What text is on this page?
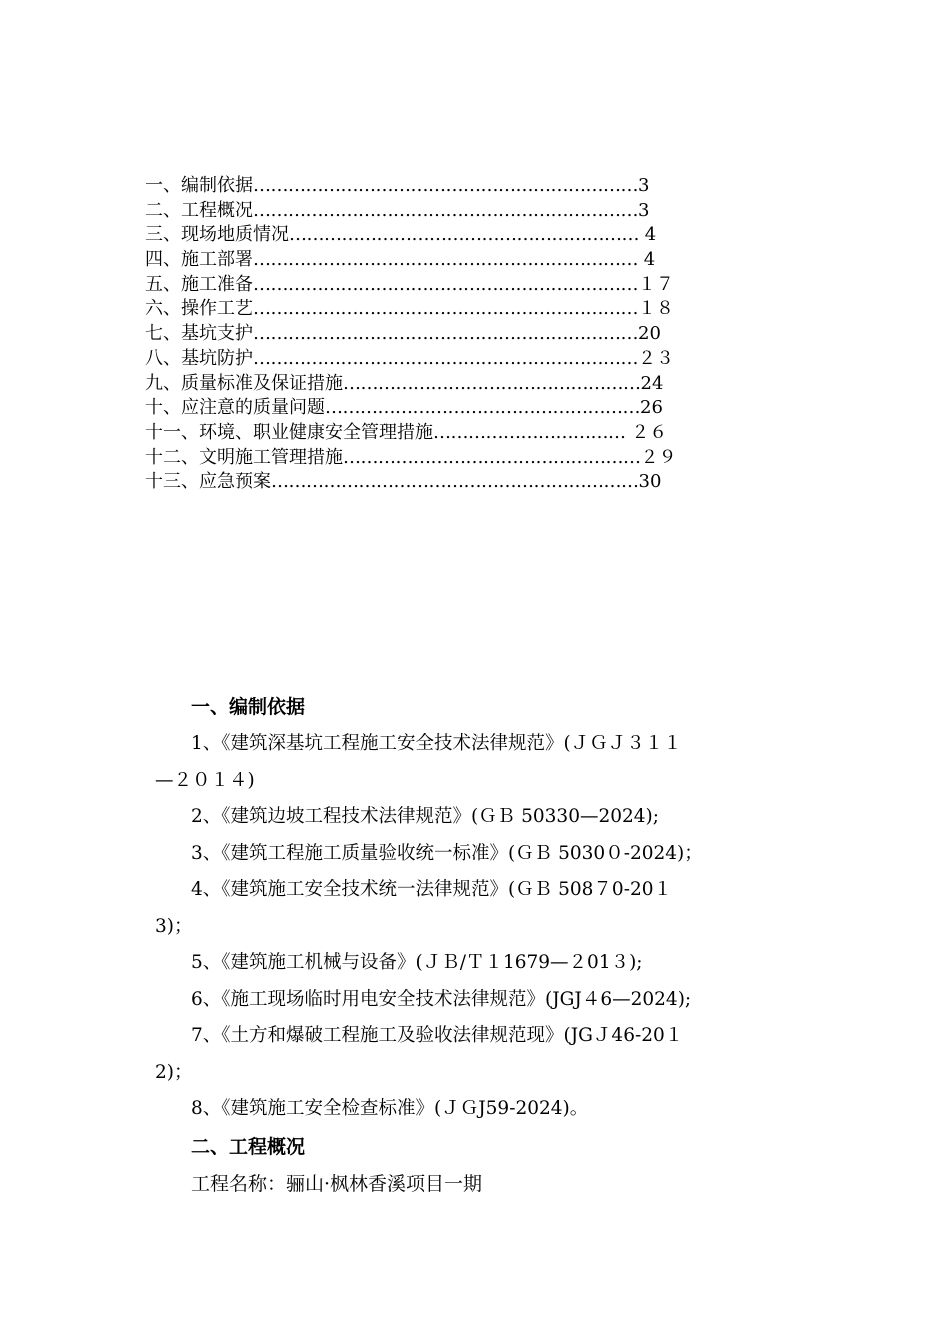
一、编制依据…………………………………………………………3
二、工程概况…………………………………………………………3
三、现场地质情况…………………………………………………… 4
四、施工部署………………………………………………………… 4
五、施工准备…………………………………………………………１７
六、操作工艺…………………………………………………………１８
七、基坑支护…………………………………………………………20
八、基坑防护…………………………………………………………２３
九、质量标准及保证措施……………………………………………24
十、应注意的质量问题………………………………………………26
十一、环境、职业健康安全管理措施…………………………… ２６
十二、文明施工管理措施……………………………………………２９
十三、应急预案………………………………………………………30
一、编制依据
1、《建筑深基坑工程施工安全技术法律规范》(ＪＧＪ３１１
—２０１４)
2、《建筑边坡工程技术法律规范》(ＧＢ 50330—2024);
3、《建筑工程施工质量验收统一标准》(ＧＢ 5030０-2024)；
4、《建筑施工安全技术统一法律规范》(ＧＢ 508７0-20１
3)；
5、《建筑施工机械与设备》(ＪＢ/Ｔ１1679—２01３);
6、《施工现场临时用电安全技术法律规范》(JGJ４6—2024);
7、《土方和爆破工程施工及验收法律规范现》(JGＪ46-20１
2)；
8、《建筑施工安全检查标准》(ＪＧJ59-2024)。
二、工程概况
工程名称：骊山·枫林香溪项目一期
